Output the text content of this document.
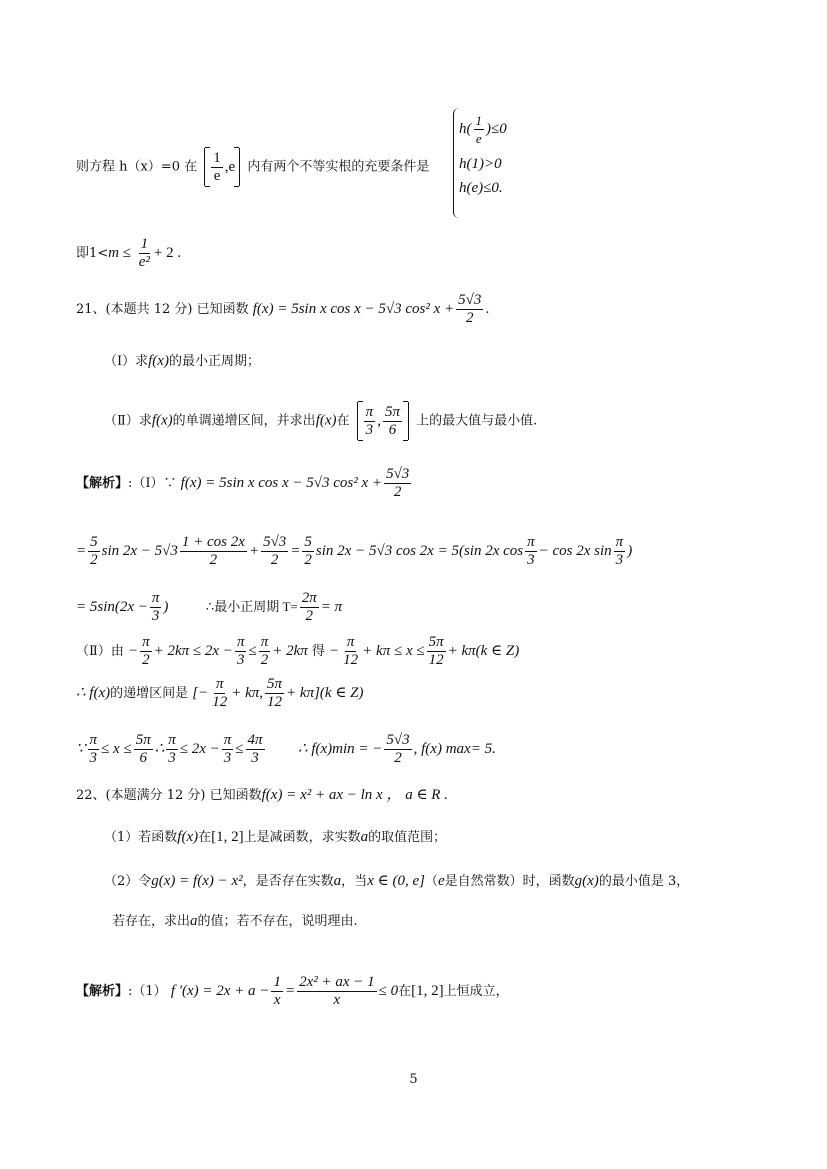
则方程 h（x）=0 在 $\frac{1}{e} ,e$ 内有两个不等实根的充要条件是
$h( \frac{1}{e} )\le 0$
h(1)>0
h(e)≤0.
即$1<m \le \frac{1}{\text{e²}} + 2$ .
21、(本题共 12 分) 已知函数 f(x) = 5sin x cos x − 5√3 cos² $x + \frac{5√3}{2}$ .
（Ⅰ）求f(x)的最小正周期；
（Ⅱ）求f(x)的单调递增区间，并求出f(x)在 $\frac{\pi}{3}$ , $\frac{5\pi}{6}$ 上的最大值与最小值.
【解析】:（Ⅰ）∵ f(x) = 5sin x cos x − 5√3 cos² $x + \frac{5√3}{2}$
= $\frac{5}{2}$ $\sin 2x - 5√3 \frac{1 + \cos 2x}{2} + \frac{5√3}{2} = \frac{5}{2}$ sin 2x − 5√3 cos 2x = 5(sin 2x $\cos \frac{\pi}{3} - \cos 2x$ $\sin \frac{\pi}{3}$ )
= $5\sin(2x - \frac{\pi}{3}$ )	∴最小正周期 $T= \frac{2\pi}{2} = \pi$
（Ⅱ）由 − $\frac{\pi}{2} + 2k\pi \le 2x - \frac{\pi}{3} \le \frac{\pi}{2} + 2k\pi$ 得 − $\frac{\pi}{12} + k\pi \le x \le \frac{5\pi}{12} + k\pi(k$ ∈ Z)
∴ f(x)的递增区间是 [− $\frac{\pi}{12} + k\pi$, $\frac{5\pi}{12} + k\pi](k$ ∈ Z)
∵ $\frac{\pi}{3} \le x \le \frac{5\pi}{6}$ ∴ $\frac{\pi}{3} \le 2x - \frac{\pi}{3} \le \frac{4\pi}{3}$ ∴ f(x)min = − $\frac{5√3}{2}$ , f(x) max= 5.
22、(本题满分 12 分) 已知函数f(x) = x² + ax − ln x ， a ∈ R .
（1）若函数f(x)在[1, 2]上是减函数，求实数a的取值范围；
（2）令g(x) = f(x) − x²，是否存在实数a，当x ∈ (0, e]（e是自然常数）时，函数g(x)的最小值是 3，
若存在，求出a的值；若不存在，说明理由.
【解析】:（1） f $'(x) = 2x + a - \frac{1}{x} = \frac{\text{2x² + ax − 1}}{x} \le 0$在[1, 2]上恒成立，
5
